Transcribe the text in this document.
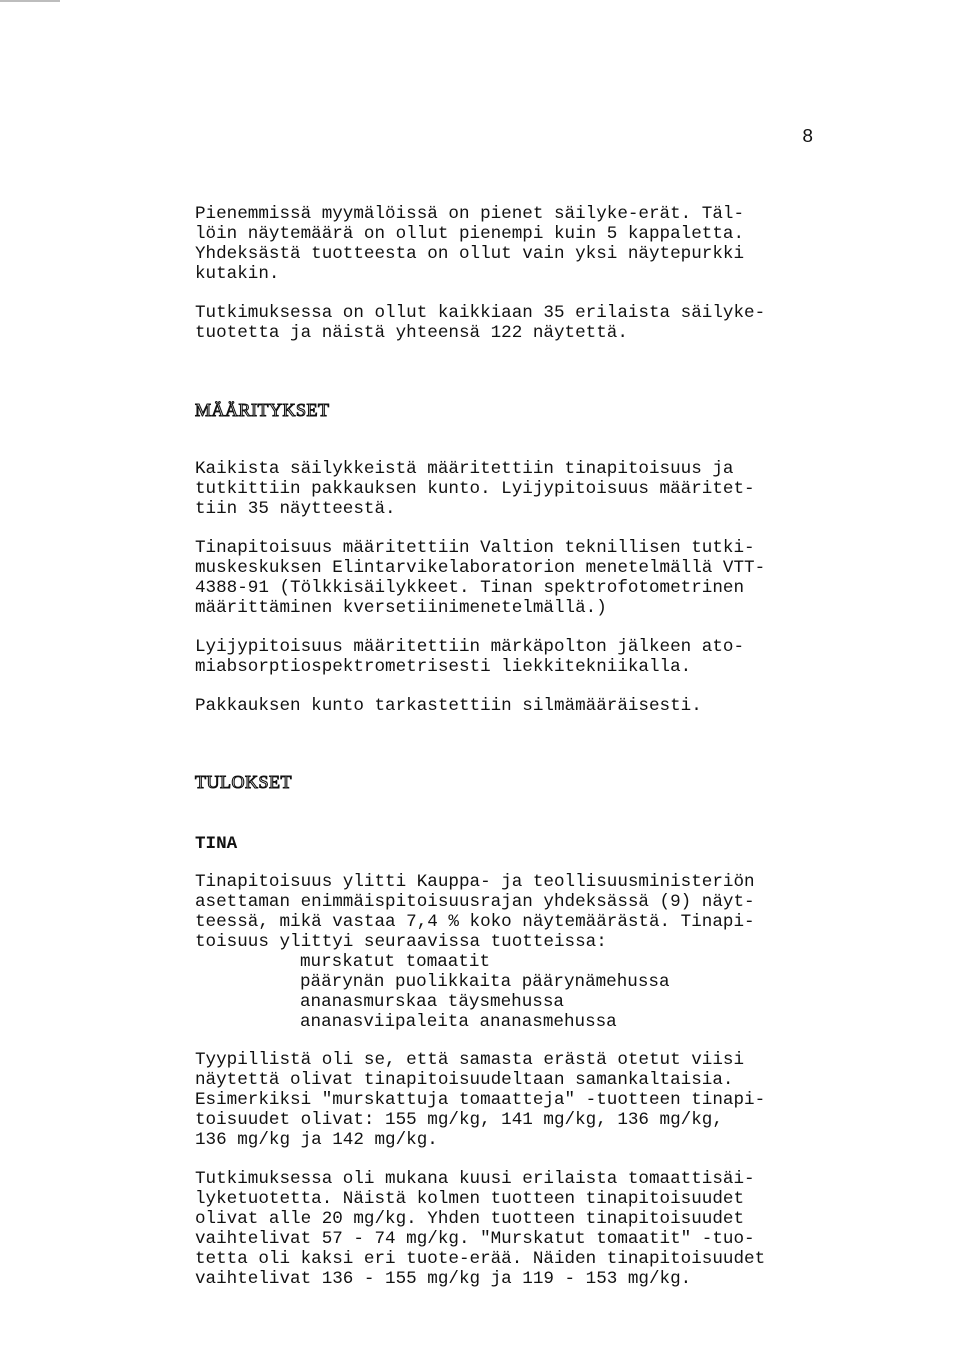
8

Pienemmissä myymälöissä on pienet säilyke-erät. Täl-
löin näytemäärä on ollut pienempi kuin 5 kappaletta.
Yhdeksästä tuotteesta on ollut vain yksi näytepurkki
kutakin.

Tutkimuksessa on ollut kaikkiaan 35 erilaista säilyke-
tuotetta ja näistä yhteensä 122 näytettä.

MÄÄRITYKSET

Kaikista säilykkeistä määritettiin tinapitoisuus ja
tutkittiin pakkauksen kunto. Lyijypitoisuus määritet-
tiin 35 näytteestä.

Tinapitoisuus määritettiin Valtion teknillisen tutki-
muskeskuksen Elintarvikelaboratorion menetelmällä VTT-
4388-91 (Tölkkisäilykkeet. Tinan spektrofotometrinen
määrittäminen kversetiinimenetelmällä.)

Lyijypitoisuus määritettiin märkäpolton jälkeen ato-
miabsorptiospektrometrisesti liekkitekniikalla.

Pakkauksen kunto tarkastettiin silmämääräisesti.

TULOKSET
TINA

Tinapitoisuus ylitti Kauppa- ja teollisuusministeriön
asettaman enimmäispitoisuusrajan yhdeksässä (9) näyt-
teessä, mikä vastaa 7,4 % koko näytemäärästä. Tinapi-
toisuus ylittyi seuraavissa tuotteissa:

murskatut tomaatit
päärynän puolikkaita päärynämehussa
ananasmurskaa täysmehussa
ananasviipaleita ananasmehussa

Tyypillistä oli se, että samasta erästä otetut viisi
näytettä olivat tinapitoisuudeltaan samankaltaisia.
Esimerkiksi "murskattuja tomaatteja" -tuotteen tinapi-
toisuudet olivat: 155 mg/kg, 141 mg/kg, 136 mg/kg,
136 mg/kg ja 142 mg/kg.

Tutkimuksessa oli mukana kuusi erilaista tomaattisäi-
lyketuotetta. Näistä kolmen tuotteen tinapitoisuudet
olivat alle 20 mg/kg. Yhden tuotteen tinapitoisuudet
vaihtelivat 57 - 74 mg/kg. "Murskatut tomaatit" -tuo-
tetta oli kaksi eri tuote-erää. Näiden tinapitoisuudet
vaihtelivat 136 - 155 mg/kg ja 119 - 153 mg/kg.
